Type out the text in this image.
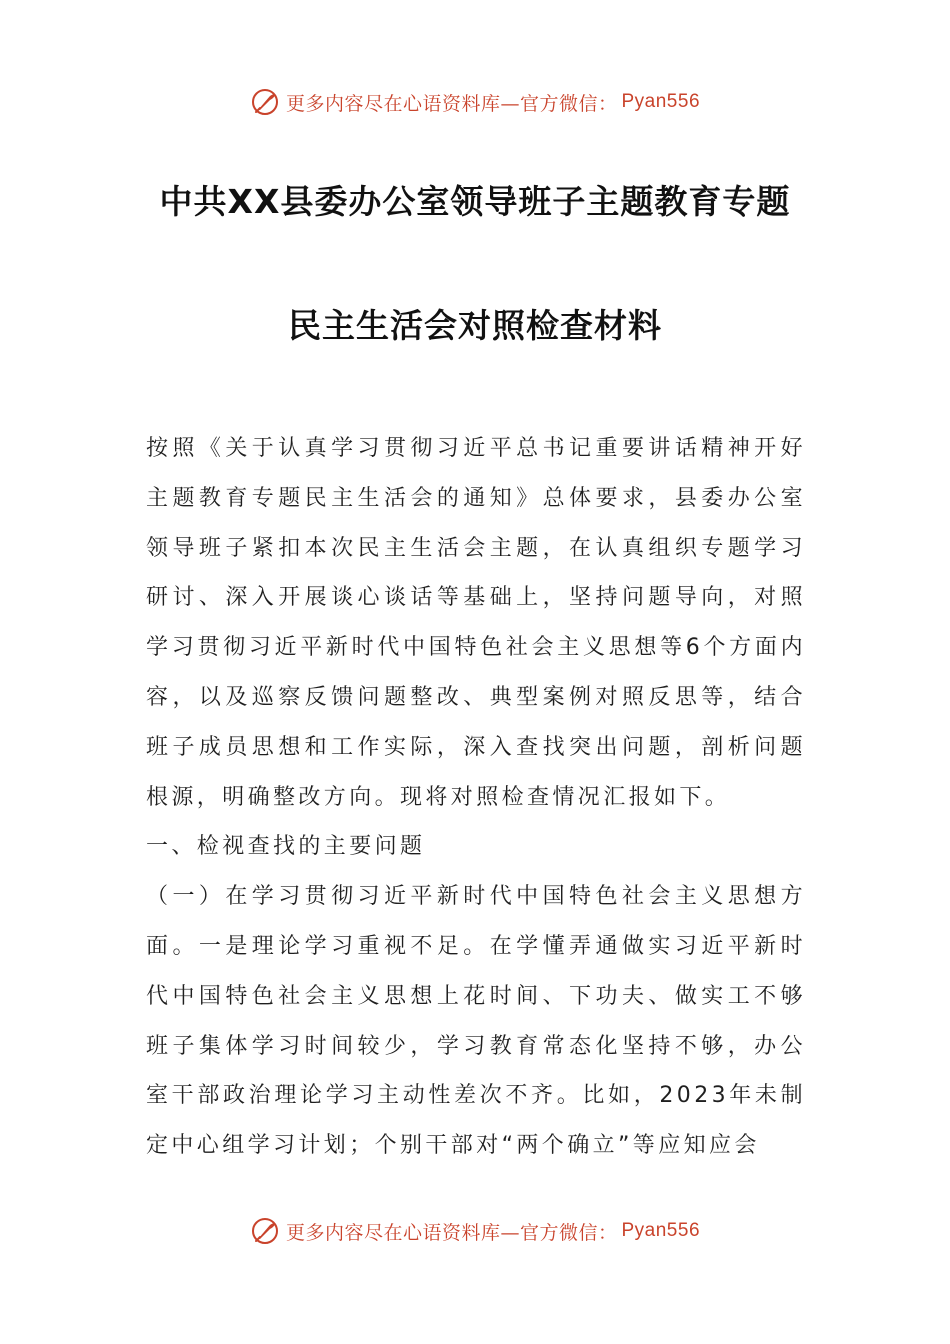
更多内容尽在心语资料库—官方微信： Pyan556
中共XX县委办公室领导班子主题教育专题
民主生活会对照检查材料

按照《关于认真学习贯彻习近平总书记重要讲话精神开好主题教育专题民主生活会的通知》总体要求，县委办公室领导班子紧扣本次民主生活会主题，在认真组织专题学习研讨、深入开展谈心谈话等基础上，坚持问题导向，对照学习贯彻习近平新时代中国特色社会主义思想等6个方面内容，以及巡察反馈问题整改、典型案例对照反思等，结合班子成员思想和工作实际，深入查找突出问题，剖析问题根源，明确整改方向。现将对照检查情况汇报如下。

一、检视查找的主要问题

（一）在学习贯彻习近平新时代中国特色社会主义思想方面。一是理论学习重视不足。在学懂弄通做实习近平新时代中国特色社会主义思想上花时间、下功夫、做实工不够班子集体学习时间较少，学习教育常态化坚持不够，办公室干部政治理论学习主动性差次不齐。比如，2023年未制定中心组学习计划；个别干部对“两个确立”等应知应会

更多内容尽在心语资料库—官方微信： Pyan556
